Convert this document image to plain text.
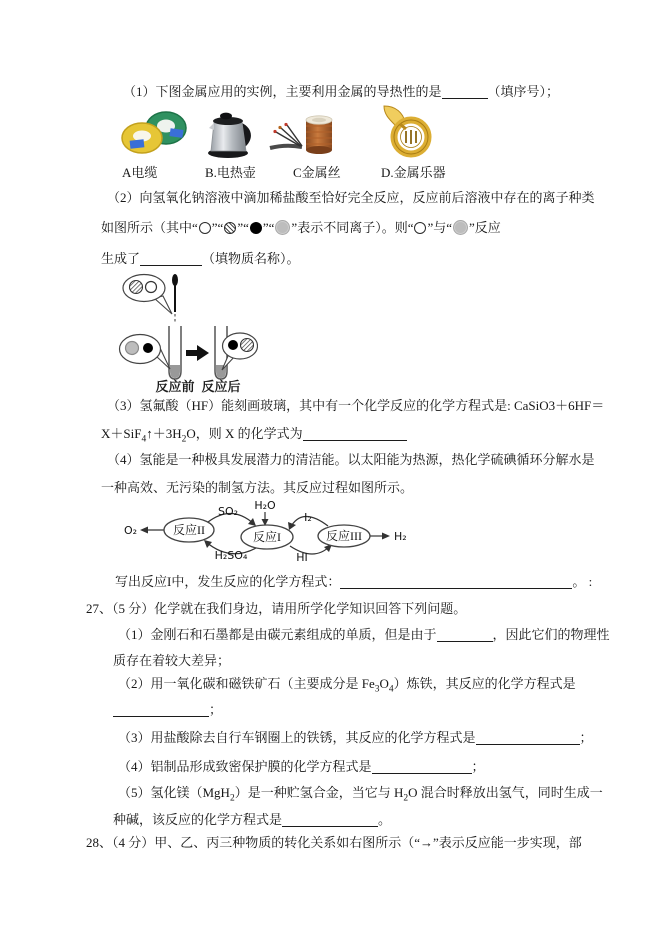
（1）下图金属应用的实例，主要利用金属的导热性的是	（填序号）；
A电缆	B.电热壶	C金属丝	D.金属乐器
（2）向氢氧化钠溶液中滴加稀盐酸至恰好完全反应，反应前后溶液中存在的离子种类
如图所示（其中“ ”“ ”“ ”“ ”表示不同离子）。则“ ”与“ ”反应
生成了	（填物质名称）。
反应前 反应后
（3）氢氟酸（HF）能刻画玻璃，其中有一个化学反应的化学方程式是: CaSiO3＋6HF＝
$X+SiF_4↑+3H_2O$，则 X 的化学式为
（4）氢能是一种极具发展潜力的清洁能。以太阳能为热源，热化学硫碘循环分解水是
一种高效、无污染的制氢方法。其反应过程如图所示。
反应II	反应I	反应III
O₂
SO₂
H₂SO₄
H₂O
I₂
HI
H₂
写出反应I中，发生反应的化学方程式：	。 :
27、（5 分）化学就在我们身边，请用所学化学知识回答下列问题。
（1）金刚石和石墨都是由碳元素组成的单质，但是由于	，因此它们的物理性
质存在着较大差异；
（2）用一氧化碳和磁铁矿石（主要成分是 $Fe_3O_4$）炼铁，其反应的化学方程式是
；
（3）用盐酸除去自行车钢圈上的铁锈，其反应的化学方程式是	；
（4）铝制品形成致密保护膜的化学方程式是	；
（5）氢化镁（MgH$_2$）是一种贮氢合金，当它与 $H_2O$ 混合时释放出氢气，同时生成一
种碱，该反应的化学方程式是	。
28、（4 分）甲、乙、丙三种物质的转化关系如右图所示（“→”表示反应能一步实现，部
